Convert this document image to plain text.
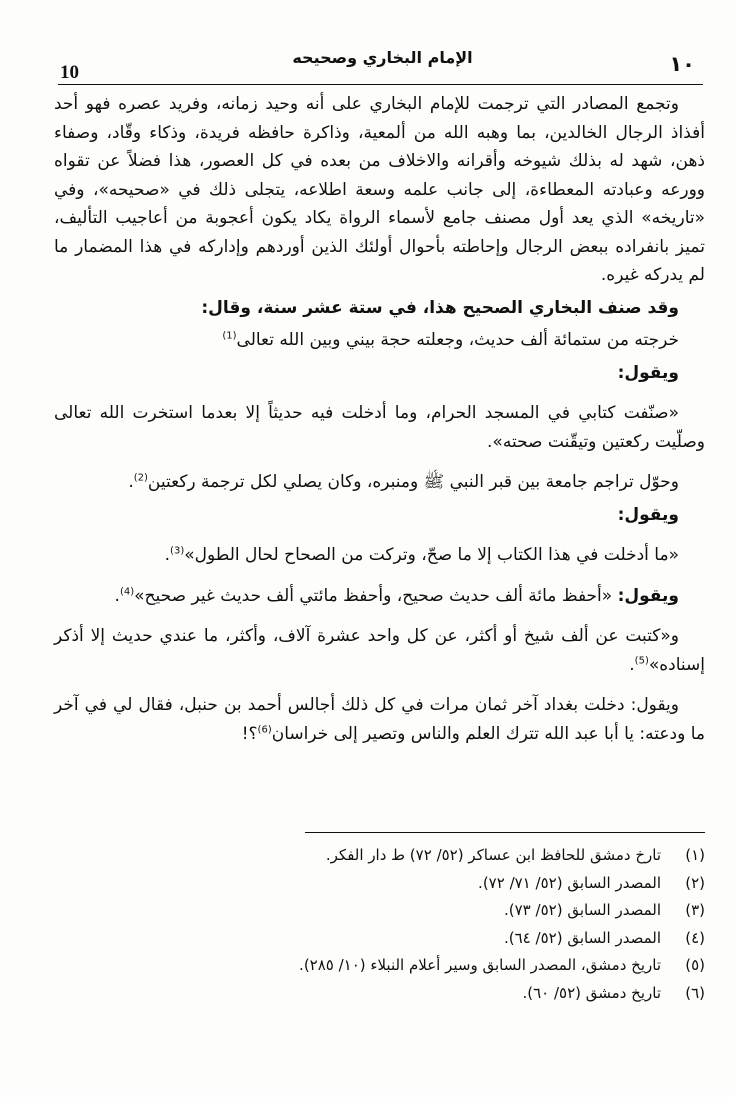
10
الإمام البخاري وصحيحه	١٠

وتجمع المصادر التي ترجمت للإمام البخاري على أنه وحيد زمانه، وفريد عصره فهو أحد أفذاذ الرجال الخالدين، بما وهبه الله من ألمعية، وذاكرة حافظه فريدة، وذكاء وقّاد، وصفاء ذهن، شهد له بذلك شيوخه وأقرانه والاخلاف من بعده في كل العصور، هذا فضلاً عن تقواه وورعه وعبادته المعطاءة، إلى جانب علمه وسعة اطلاعه، يتجلى ذلك في «صحيحه»، وفي «تاريخه» الذي يعد أول مصنف جامع لأسماء الرواة يكاد يكون أعجوبة من أعاجيب التأليف، تميز بانفراده ببعض الرجال وإحاطته بأحوال أولئك الذين أوردهم وإداركه في هذا المضمار ما لم يدركه غيره.

وقد صنف البخاري الصحيح هذا، في ستة عشر سنة، وقال:

خرجته من ستمائة ألف حديث، وجعلته حجة بيني وبين الله تعالى$^{(1)}$

ويقول:

«صنّفت كتابي في المسجد الحرام، وما أدخلت فيه حديثاً إلا بعدما استخرت الله تعالى وصلّيت ركعتين وتيقّنت صحته».

وحوّل تراجم جامعة بين قبر النبي ﷺ ومنبره، وكان يصلي لكل ترجمة ركعتين$^{(2)}$.

ويقول:

«ما أدخلت في هذا الكتاب إلا ما صحّ، وتركت من الصحاح لحال الطول»$^{(3)}$.

ويقول: «أحفظ مائة ألف حديث صحيح، وأحفظ مائتي ألف حديث غير صحيح»$^{(4)}$.

و«كتبت عن ألف شيخ أو أكثر، عن كل واحد عشرة آلاف، وأكثر، ما عندي حديث إلا أذكر إسناده»$^{(5)}$.

ويقول: دخلت بغداد آخر ثمان مرات في كل ذلك أجالس أحمد بن حنبل، فقال لي في آخر ما ودعته: يا أبا عبد الله تترك العلم والناس وتصير إلى خراسان$^{(6)}$؟!

(١)
تارخ دمشق للحافظ ابن عساكر (٥٢/ ٧٢) ط دار الفكر.
(٢)
المصدر السابق (٥٢/ ٧١/ ٧٢).
(٣)
المصدر السابق (٥٢/ ٧٣).
(٤)
المصدر السابق (٥٢/ ٦٤).
(٥)
تاريخ دمشق، المصدر السابق وسير أعلام النبلاء (١٠/ ٢٨٥).
(٦)
تاريخ دمشق (٥٢/ ٦٠).
